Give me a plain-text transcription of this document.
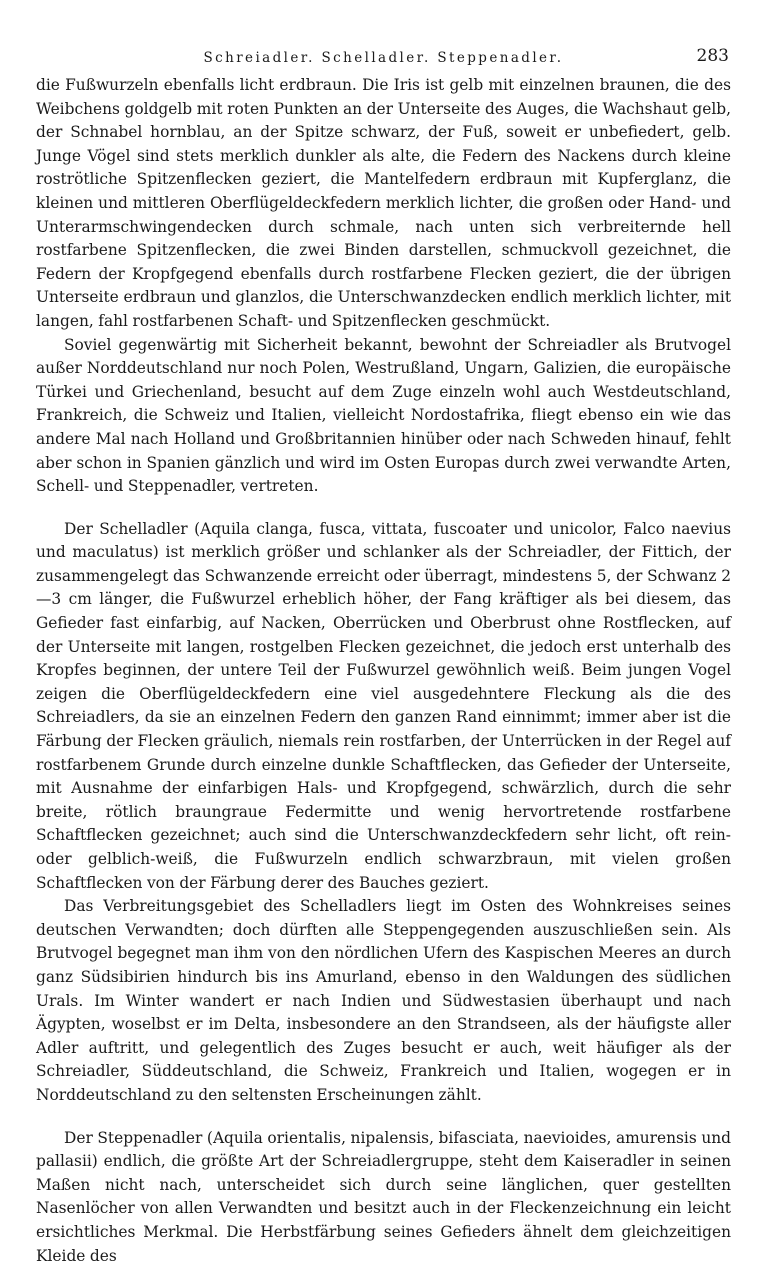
Schreiadler. Schelladler. Steppenadler.	283

die Fußwurzeln ebenfalls licht erdbraun. Die Iris ist gelb mit einzelnen braunen, die des Weibchens goldgelb mit roten Punkten an der Unterseite des Auges, die Wachshaut gelb, der Schnabel hornblau, an der Spitze schwarz, der Fuß, soweit er unbefiedert, gelb. Junge Vögel sind stets merklich dunkler als alte, die Federn des Nackens durch kleine roströtliche Spitzenflecken geziert, die Mantelfedern erdbraun mit Kupferglanz, die kleinen und mittleren Oberflügeldeckfedern merklich lichter, die großen oder Hand- und Unterarmschwingendecken durch schmale, nach unten sich verbreiternde hell rostfarbene Spitzenflecken, die zwei Binden darstellen, schmuckvoll gezeichnet, die Federn der Kropfgegend ebenfalls durch rostfarbene Flecken geziert, die der übrigen Unterseite erdbraun und glanzlos, die Unterschwanzdecken endlich merklich lichter, mit langen, fahl rostfarbenen Schaft- und Spitzenflecken geschmückt.

Soviel gegenwärtig mit Sicherheit bekannt, bewohnt der Schreiadler als Brutvogel außer Norddeutschland nur noch Polen, Westrußland, Ungarn, Galizien, die europäische Türkei und Griechenland, besucht auf dem Zuge einzeln wohl auch Westdeutschland, Frankreich, die Schweiz und Italien, vielleicht Nordostafrika, fliegt ebenso ein wie das andere Mal nach Holland und Großbritannien hinüber oder nach Schweden hinauf, fehlt aber schon in Spanien gänzlich und wird im Osten Europas durch zwei verwandte Arten, Schell- und Steppenadler, vertreten.

Der Schelladler (Aquila clanga, fusca, vittata, fuscoater und unicolor, Falco naevius und maculatus) ist merklich größer und schlanker als der Schreiadler, der Fittich, der zusammengelegt das Schwanzende erreicht oder überragt, mindestens 5, der Schwanz 2—3 cm länger, die Fußwurzel erheblich höher, der Fang kräftiger als bei diesem, das Gefieder fast einfarbig, auf Nacken, Oberrücken und Oberbrust ohne Rostflecken, auf der Unterseite mit langen, rostgelben Flecken gezeichnet, die jedoch erst unterhalb des Kropfes beginnen, der untere Teil der Fußwurzel gewöhnlich weiß. Beim jungen Vogel zeigen die Oberflügeldeckfedern eine viel ausgedehntere Fleckung als die des Schreiadlers, da sie an einzelnen Federn den ganzen Rand einnimmt; immer aber ist die Färbung der Flecken gräulich, niemals rein rostfarben, der Unterrücken in der Regel auf rostfarbenem Grunde durch einzelne dunkle Schaftflecken, das Gefieder der Unterseite, mit Ausnahme der einfarbigen Hals- und Kropfgegend, schwärzlich, durch die sehr breite, rötlich braungraue Federmitte und wenig hervortretende rostfarbene Schaftflecken gezeichnet; auch sind die Unterschwanzdeckfedern sehr licht, oft rein- oder gelblich-weiß, die Fußwurzeln endlich schwarzbraun, mit vielen großen Schaftflecken von der Färbung derer des Bauches geziert.

Das Verbreitungsgebiet des Schelladlers liegt im Osten des Wohnkreises seines deutschen Verwandten; doch dürften alle Steppengegenden auszuschließen sein. Als Brutvogel begegnet man ihm von den nördlichen Ufern des Kaspischen Meeres an durch ganz Südsibirien hindurch bis ins Amurland, ebenso in den Waldungen des südlichen Urals. Im Winter wandert er nach Indien und Südwestasien überhaupt und nach Ägypten, woselbst er im Delta, insbesondere an den Strandseen, als der häufigste aller Adler auftritt, und gelegentlich des Zuges besucht er auch, weit häufiger als der Schreiadler, Süddeutschland, die Schweiz, Frankreich und Italien, wogegen er in Norddeutschland zu den seltensten Erscheinungen zählt.

Der Steppenadler (Aquila orientalis, nipalensis, bifasciata, naevioides, amurensis und pallasii) endlich, die größte Art der Schreiadlergruppe, steht dem Kaiseradler in seinen Maßen nicht nach, unterscheidet sich durch seine länglichen, quer gestellten Nasenlöcher von allen Verwandten und besitzt auch in der Fleckenzeichnung ein leicht ersichtliches Merkmal. Die Herbstfärbung seines Gefieders ähnelt dem gleichzeitigen Kleide des
